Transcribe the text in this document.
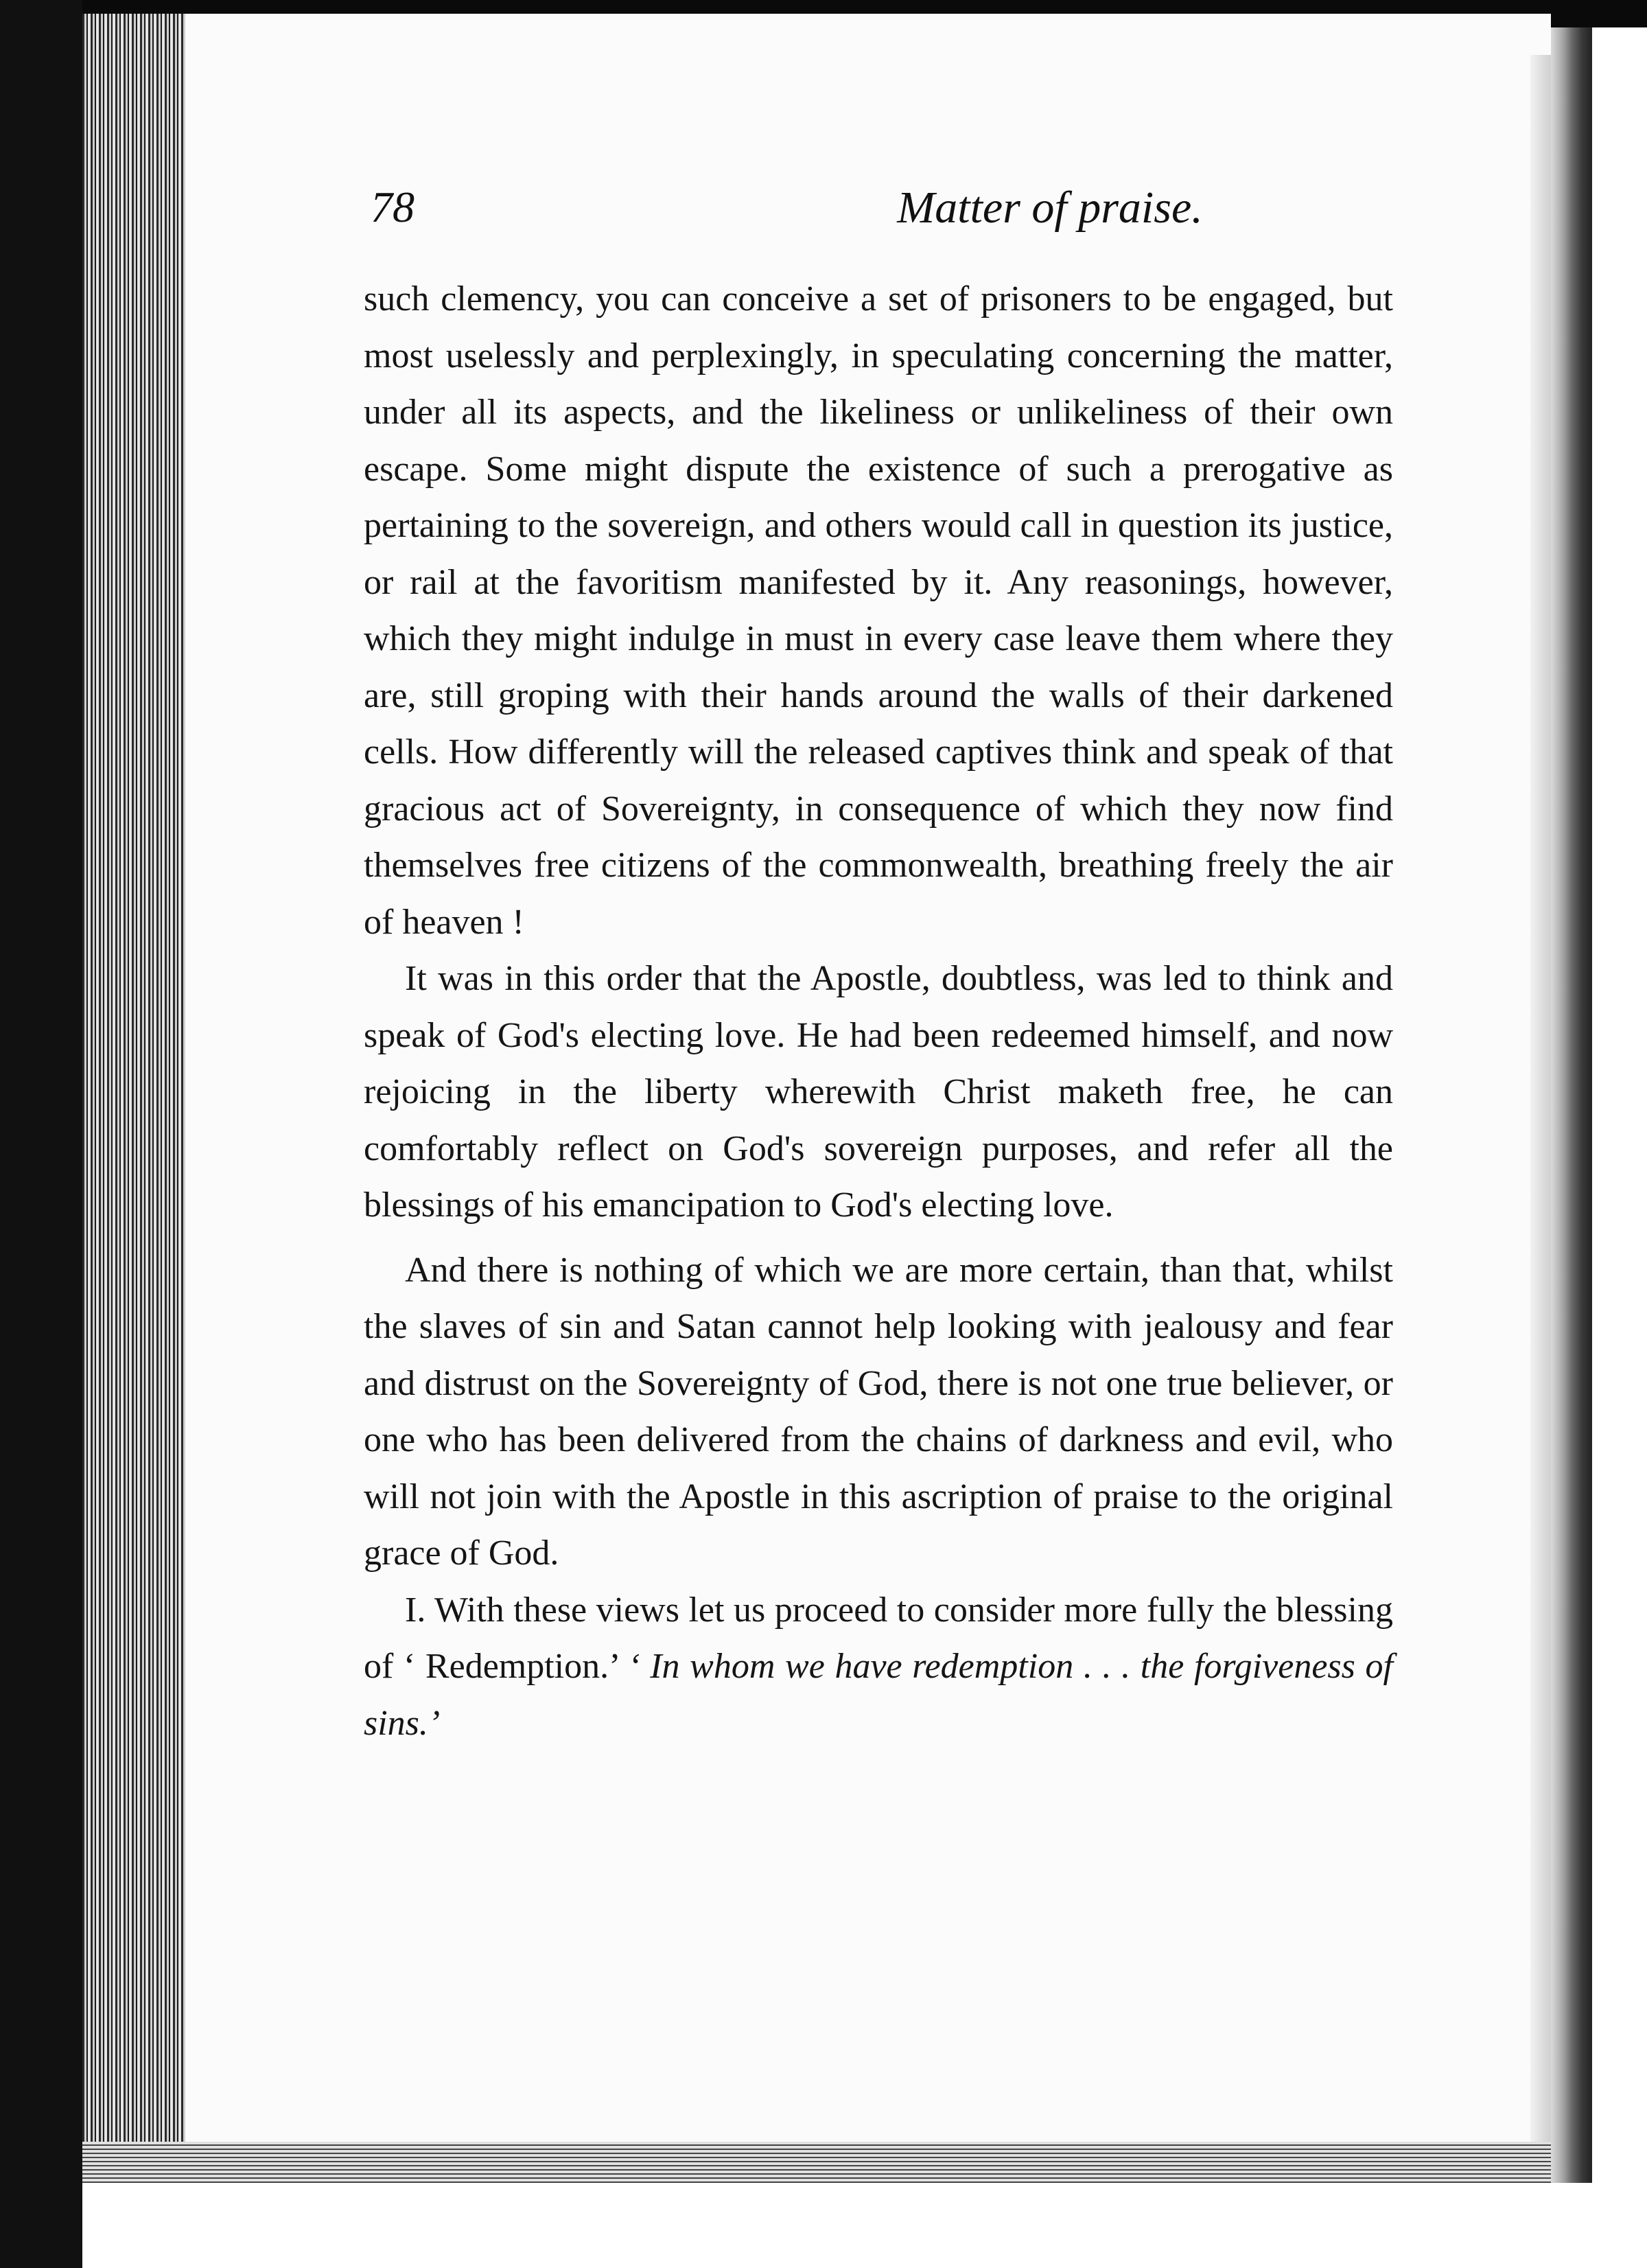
78	Matter of praise.

such clemency, you can conceive a set of prisoners to be engaged, but most uselessly and perplexingly, in speculating concerning the matter, under all its aspects, and the likeliness or unlikeliness of their own escape. Some might dispute the existence of such a prerogative as pertaining to the sovereign, and others would call in question its justice, or rail at the favoritism manifested by it. Any reasonings, however, which they might indulge in must in every case leave them where they are, still groping with their hands around the walls of their darkened cells. How differently will the released captives think and speak of that gracious act of Sovereignty, in consequence of which they now find themselves free citizens of the commonwealth, breathing freely the air of heaven !

It was in this order that the Apostle, doubtless, was led to think and speak of God's electing love. He had been redeemed himself, and now rejoicing in the liberty wherewith Christ maketh free, he can comfortably reflect on God's sovereign purposes, and refer all the blessings of his emancipation to God's electing love.

And there is nothing of which we are more certain, than that, whilst the slaves of sin and Satan cannot help looking with jealousy and fear and distrust on the Sovereignty of God, there is not one true believer, or one who has been delivered from the chains of darkness and evil, who will not join with the Apostle in this ascription of praise to the original grace of God.

I. With these views let us proceed to consider more fully the blessing of ‘ Redemption.’ ‘ In whom we have redemption . . . the forgiveness of sins.’
